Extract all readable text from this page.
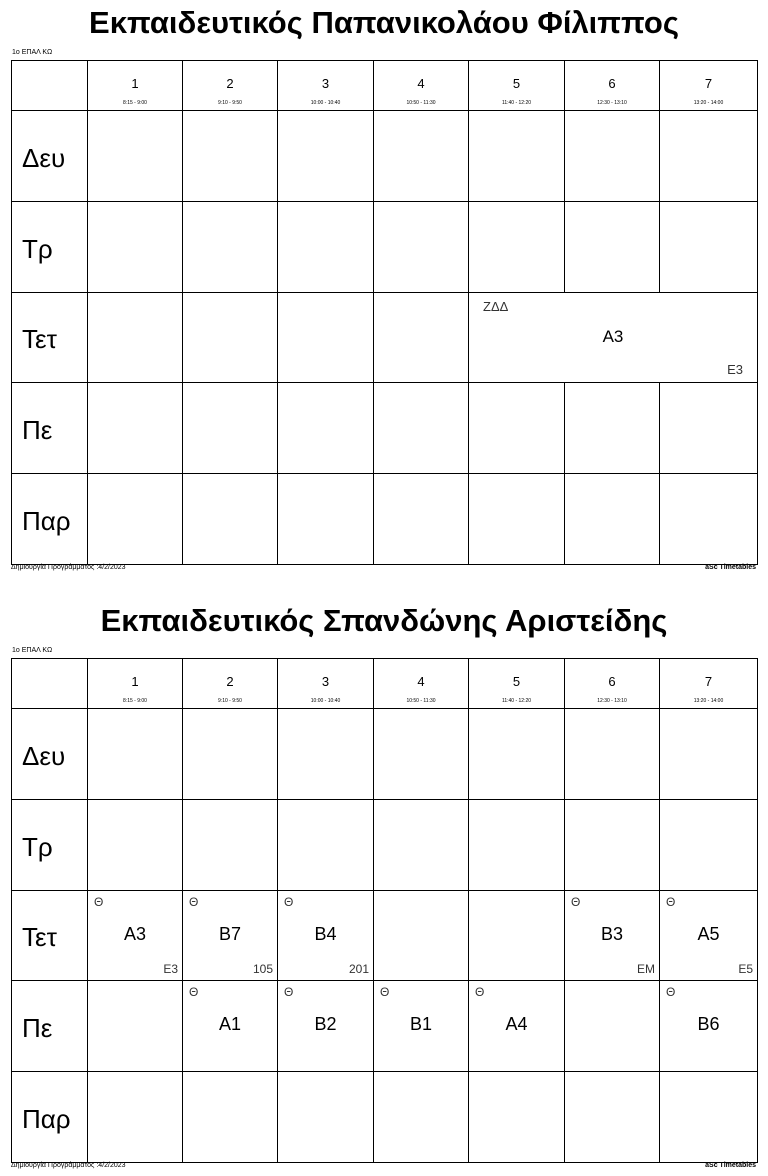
Εκπαιδευτικός Παπανικολάου Φίλιππος
1ο ΕΠΑΛ ΚΩ
1
8:15 - 9:00
2
9:10 - 9:50
3
10:00 - 10:40
4
10:50 - 11:30
5
11:40 - 12:20
6
12:30 - 13:10
7
13:20 - 14:00
Δευ
Τρ
Τετ
Πε
Παρ
ΖΔΔ
Α3
Ε3
Δημιουργία Προγράμματος :4/2/2023	aSc Timetables
Εκπαιδευτικός Σπανδώνης Αριστείδης
1ο ΕΠΑΛ ΚΩ
1
8:15 - 9:00
2
9:10 - 9:50
3
10:00 - 10:40
4
10:50 - 11:30
5
11:40 - 12:20
6
12:30 - 13:10
7
13:20 - 14:00
Δευ
Τρ
Τετ
Πε
Παρ
Θ
Α3
Ε3
Θ
Β7
105
Θ
Β4
201
Θ
Β3
ΕΜ
Θ
Α5
Ε5
Θ
Α1
Θ
Β2
Θ
Β1
Θ
Α4
Θ
Β6
Δημιουργία Προγράμματος :4/2/2023	aSc Timetables
